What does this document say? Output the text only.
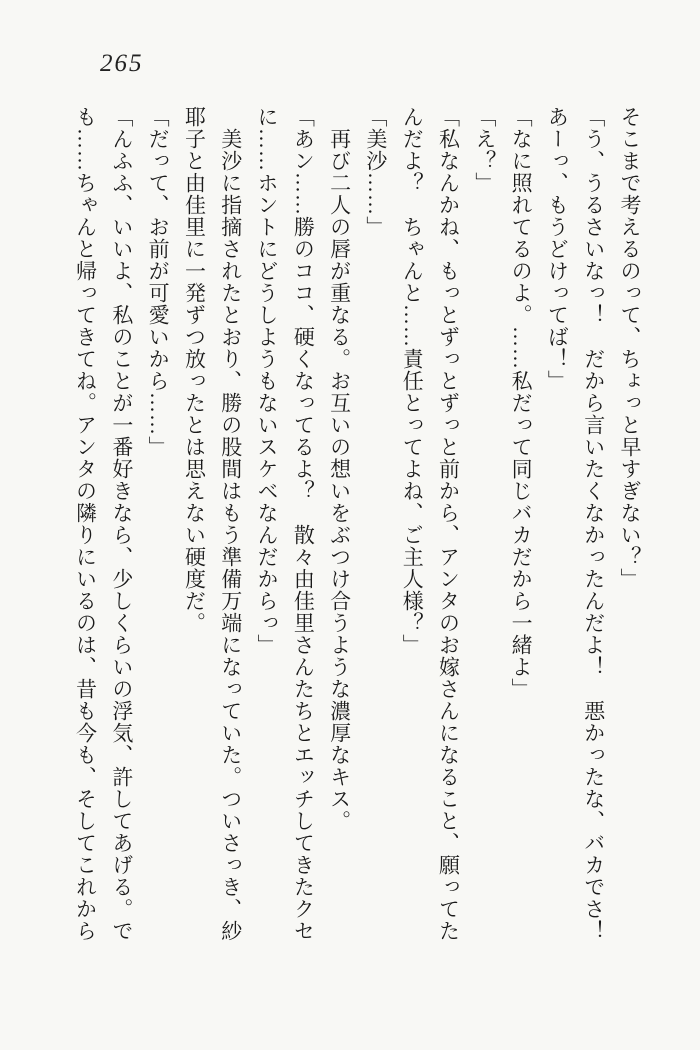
265

そこまで考えるのって、ちょっと早すぎない？」

「う、うるさいなっ！　だから言いたくなかったんだよ！　悪かったな、バカでさ！

あーっ、もうどけってば！」

「なに照れてるのよ。……私だって同じバカだから一緒よ」

「え？」

「私なんかね、もっとずっとずっと前から、アンタのお嫁さんになること、願ってた

んだよ？　ちゃんと……責任とってよね、ご主人様？」

「美沙……」

　再び二人の唇が重なる。お互いの想いをぶつけ合うような濃厚なキス。

「あン……勝のココ、硬くなってるよ？　散々由佳里さんたちとエッチしてきたクセ

に……ホントにどうしようもないスケベなんだからっ」

　美沙に指摘されたとおり、勝の股間はもう準備万端になっていた。ついさっき、紗

耶子と由佳里に一発ずつ放ったとは思えない硬度だ。

「だって、お前が可愛いから……」

「んふふ、いいよ、私のことが一番好きなら、少しくらいの浮気、許してあげる。で

も……ちゃんと帰ってきてね。アンタの隣りにいるのは、昔も今も、そしてこれから
